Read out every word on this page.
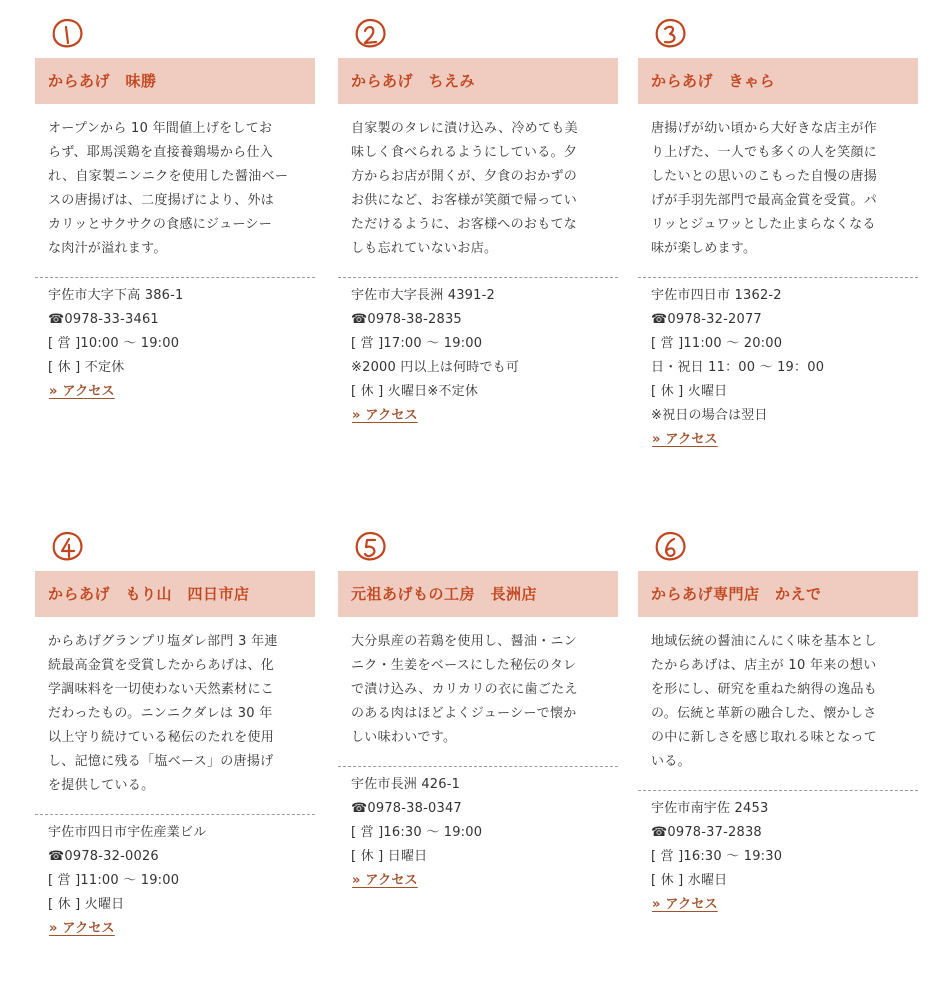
からあげ　味勝
オープンから 10 年間値上げをしてお
らず、耶馬渓鶏を直接養鶏場から仕入
れ、自家製ニンニクを使用した醤油ベー
スの唐揚げは、二度揚げにより、外は
カリッとサクサクの食感にジューシー
な肉汁が溢れます。
宇佐市大字下高 386-1
☎0978-33-3461
[ 営 ]10:00 〜 19:00
[ 休 ] 不定休
» アクセス
からあげ　ちえみ
自家製のタレに漬け込み、冷めても美
味しく食べられるようにしている。夕
方からお店が開くが、夕食のおかずの
お供になど、お客様が笑顔で帰ってい
ただけるように、お客様へのおもてな
しも忘れていないお店。
宇佐市大字長洲 4391-2
☎0978-38-2835
[ 営 ]17:00 〜 19:00
※2000 円以上は何時でも可
[ 休 ] 火曜日※不定休
» アクセス
からあげ　きゃら
唐揚げが幼い頃から大好きな店主が作
り上げた、一人でも多くの人を笑顔に
したいとの思いのこもった自慢の唐揚
げが手羽先部門で最高金賞を受賞。パ
リッとジュワッとした止まらなくなる
味が楽しめます。
宇佐市四日市 1362-2
☎0978-32-2077
[ 営 ]11:00 〜 20:00
日・祝日 11：00 〜 19：00
[ 休 ] 火曜日
※祝日の場合は翌日
» アクセス
からあげ　もり山　四日市店
からあげグランプリ塩ダレ部門 3 年連
続最高金賞を受賞したからあげは、化
学調味料を一切使わない天然素材にこ
だわったもの。ニンニクダレは 30 年
以上守り続けている秘伝のたれを使用
し、記憶に残る「塩ベース」の唐揚げ
を提供している。
宇佐市四日市宇佐産業ビル
☎0978-32-0026
[ 営 ]11:00 〜 19:00
[ 休 ] 火曜日
» アクセス
元祖あげもの工房　長洲店
大分県産の若鶏を使用し、醤油・ニン
ニク・生姜をベースにした秘伝のタレ
で漬け込み、カリカリの衣に歯ごたえ
のある肉はほどよくジューシーで懐か
しい味わいです。
宇佐市長洲 426-1
☎0978-38-0347
[ 営 ]16:30 〜 19:00
[ 休 ] 日曜日
» アクセス
からあげ専門店　かえで
地域伝統の醤油にんにく味を基本とし
たからあげは、店主が 10 年来の想い
を形にし、研究を重ねた納得の逸品も
の。伝統と革新の融合した、懐かしさ
の中に新しさを感じ取れる味となって
いる。
宇佐市南宇佐 2453
☎0978-37-2838
[ 営 ]16:30 〜 19:30
[ 休 ] 水曜日
» アクセス
